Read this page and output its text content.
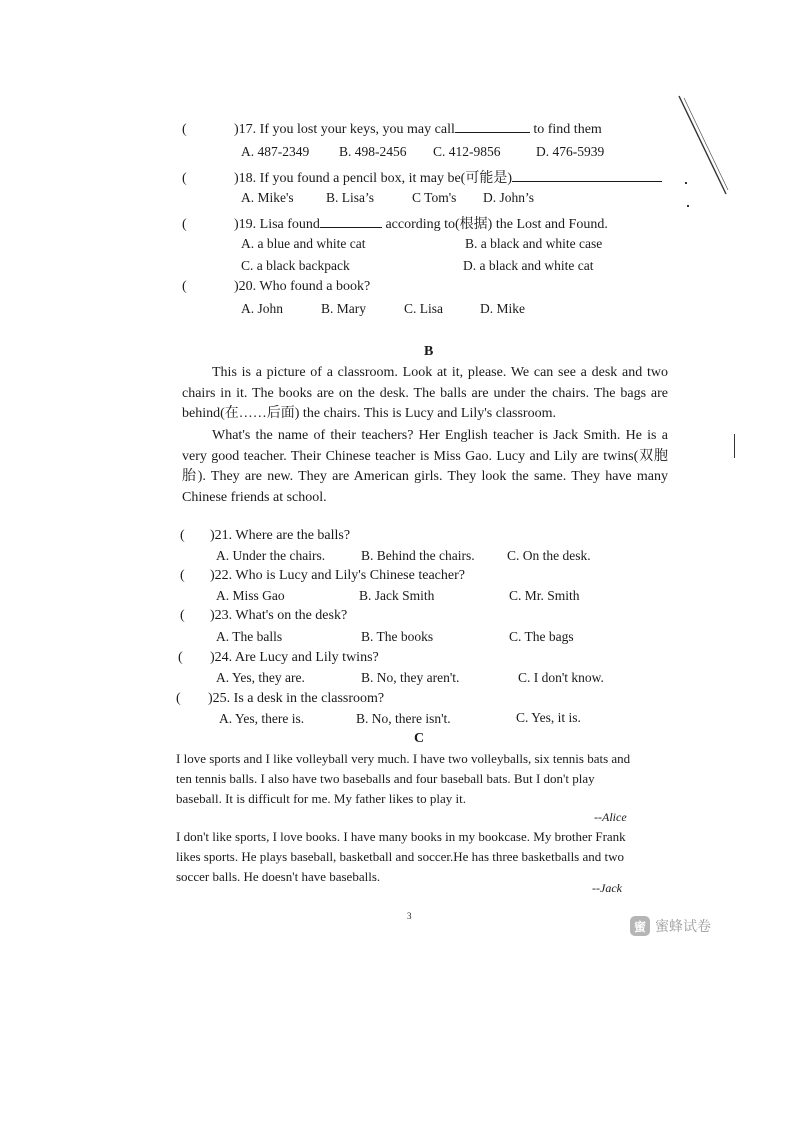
(	)17. If you lost your keys, you may call	to find them
A. 487-2349 B. 498-2456 C. 412-9856	D. 476-5939
(	)18. If you found a pencil box, it may be(可能是)
A. Mike's B. Lisa’s	C Tom's D. John’s
(	)19. Lisa found	according to(根据) the Lost and Found.
A. a blue and white cat	B. a black and white case
C. a black backpack	D. a black and white cat
(	)20. Who found a book?
A. John	B. Mary	C. Lisa	D. Mike
B
This is a picture of a classroom. Look at it, please. We can see a desk and two chairs in it. The books are on the desk. The balls are under the chairs. The bags are behind(在……后面) the chairs. This is Lucy and Lily's classroom.
What's the name of their teachers? Her English teacher is Jack Smith. He is a very good teacher. Their Chinese teacher is Miss Gao. Lucy and Lily are twins(双胞胎). They are new. They are American girls. They look the same. They have many Chinese friends at school.
( )21. Where are the balls?
A. Under the chairs.	B. Behind the chairs. C. On the desk.
( )22. Who is Lucy and Lily's Chinese teacher?
A. Miss Gao	B. Jack Smith	C. Mr. Smith
( )23. What's on the desk?
A. The balls	B. The books	C. The bags
( )24. Are Lucy and Lily twins?
A. Yes, they are.	B. No, they aren't.	C. I don't know.
( )25. Is a desk in the classroom?
A. Yes, there is.	B. No, there isn't.	C. Yes, it is.
C
I love sports and I like volleyball very much. I have two volleyballs, six tennis bats and ten tennis balls. I also have two baseballs and four baseball bats. But I don't play baseball. It is difficult for me. My father likes to play it.
--Alice
I don't like sports, I love books. I have many books in my bookcase. My brother Frank likes sports. He plays baseball, basketball and soccer.He has three basketballs and two soccer balls. He doesn't have baseballs.
--Jack
3
蜜 蜜蜂试卷
